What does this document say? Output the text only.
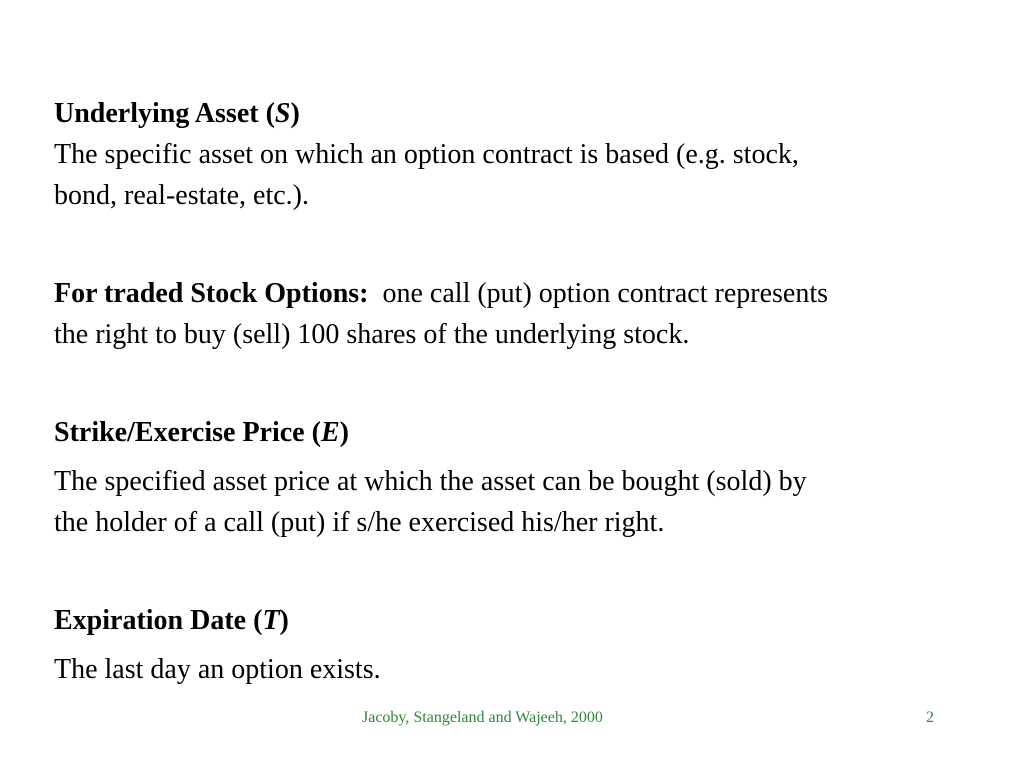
Underlying Asset (S)
The specific asset on which an option contract is based (e.g. stock,
bond, real-estate, etc.).

For traded Stock Options: one call (put) option contract represents
the right to buy (sell) 100 shares of the underlying stock.

Strike/Exercise Price (E)

The specified asset price at which the asset can be bought (sold) by
the holder of a call (put) if s/he exercised his/her right.

Expiration Date (T)

The last day an option exists.

Jacoby, Stangeland and Wajeeh, 2000	2
